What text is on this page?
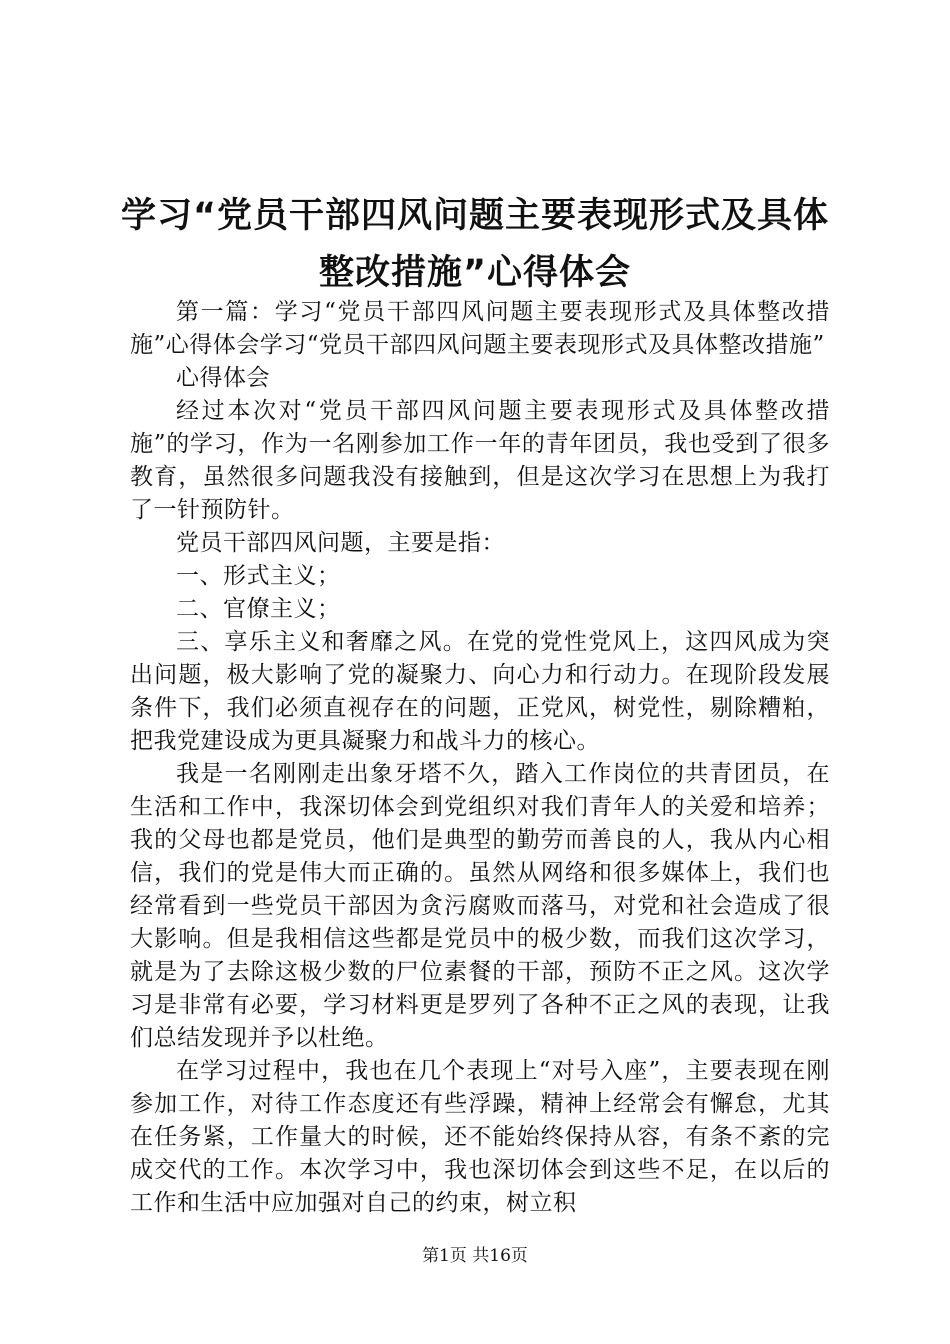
学习“党员干部四风问题主要表现形式及具体
整改措施”心得体会

第一篇：学习“党员干部四风问题主要表现形式及具体整改措施”心得体会学习“党员干部四风问题主要表现形式及具体整改措施”

心得体会

经过本次对“党员干部四风问题主要表现形式及具体整改措施”的学习，作为一名刚参加工作一年的青年团员，我也受到了很多教育，虽然很多问题我没有接触到，但是这次学习在思想上为我打了一针预防针。

党员干部四风问题，主要是指：

一、形式主义；

二、官僚主义；

三、享乐主义和奢靡之风。在党的党性党风上，这四风成为突出问题，极大影响了党的凝聚力、向心力和行动力。在现阶段发展条件下，我们必须直视存在的问题，正党风，树党性，剔除糟粕，把我党建设成为更具凝聚力和战斗力的核心。

我是一名刚刚走出象牙塔不久，踏入工作岗位的共青团员，在生活和工作中，我深切体会到党组织对我们青年人的关爱和培养；我的父母也都是党员，他们是典型的勤劳而善良的人，我从内心相信，我们的党是伟大而正确的。虽然从网络和很多媒体上，我们也经常看到一些党员干部因为贪污腐败而落马，对党和社会造成了很大影响。但是我相信这些都是党员中的极少数，而我们这次学习，就是为了去除这极少数的尸位素餐的干部，预防不正之风。这次学习是非常有必要，学习材料更是罗列了各种不正之风的表现，让我们总结发现并予以杜绝。

在学习过程中，我也在几个表现上“对号入座”，主要表现在刚参加工作，对待工作态度还有些浮躁，精神上经常会有懈怠，尤其在任务紧，工作量大的时候，还不能始终保持从容，有条不紊的完成交代的工作。本次学习中，我也深切体会到这些不足，在以后的工作和生活中应加强对自己的约束，树立积

第1页 共16页
